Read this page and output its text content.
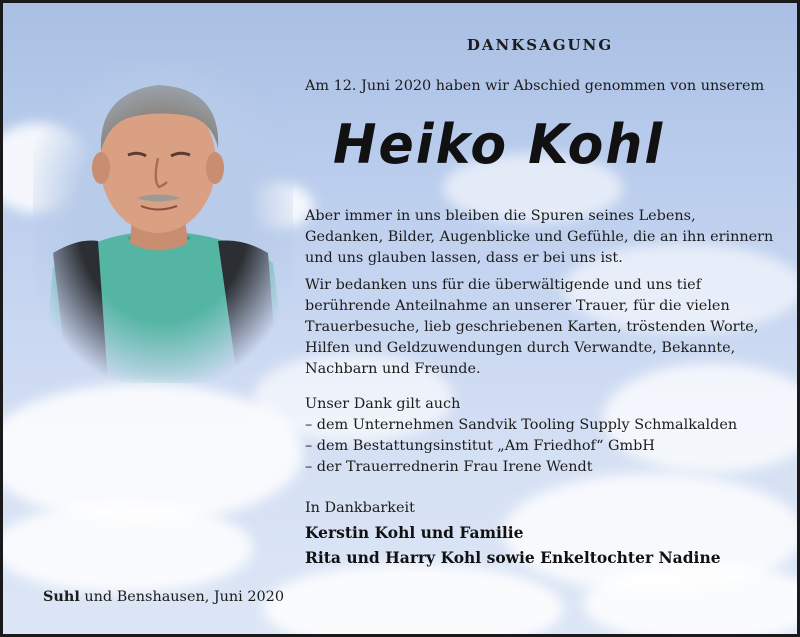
DANKSAGUNG
Am 12. Juni 2020 haben wir Abschied genommen von unserem
Heiko Kohl

Aber immer in uns bleiben die Spuren seines Lebens, Gedanken, Bilder, Augenblicke und Gefühle, die an ihn erinnern und uns glauben lassen, dass er bei uns ist.

Wir bedanken uns für die überwältigende und uns tief berührende Anteilnahme an unserer Trauer, für die vielen Trauerbesuche, lieb geschriebenen Karten, tröstenden Worte, Hilfen und Geldzuwendungen durch Verwandte, Bekannte, Nachbarn und Freunde.

Unser Dank gilt auch
– dem Unternehmen Sandvik Tooling Supply Schmalkalden
– dem Bestattungsinstitut „Am Friedhof“ GmbH
– der Trauerrednerin Frau Irene Wendt
In Dankbarkeit
Kerstin Kohl und Familie
Rita und Harry Kohl sowie Enkeltochter Nadine
Suhl und Benshausen, Juni 2020
